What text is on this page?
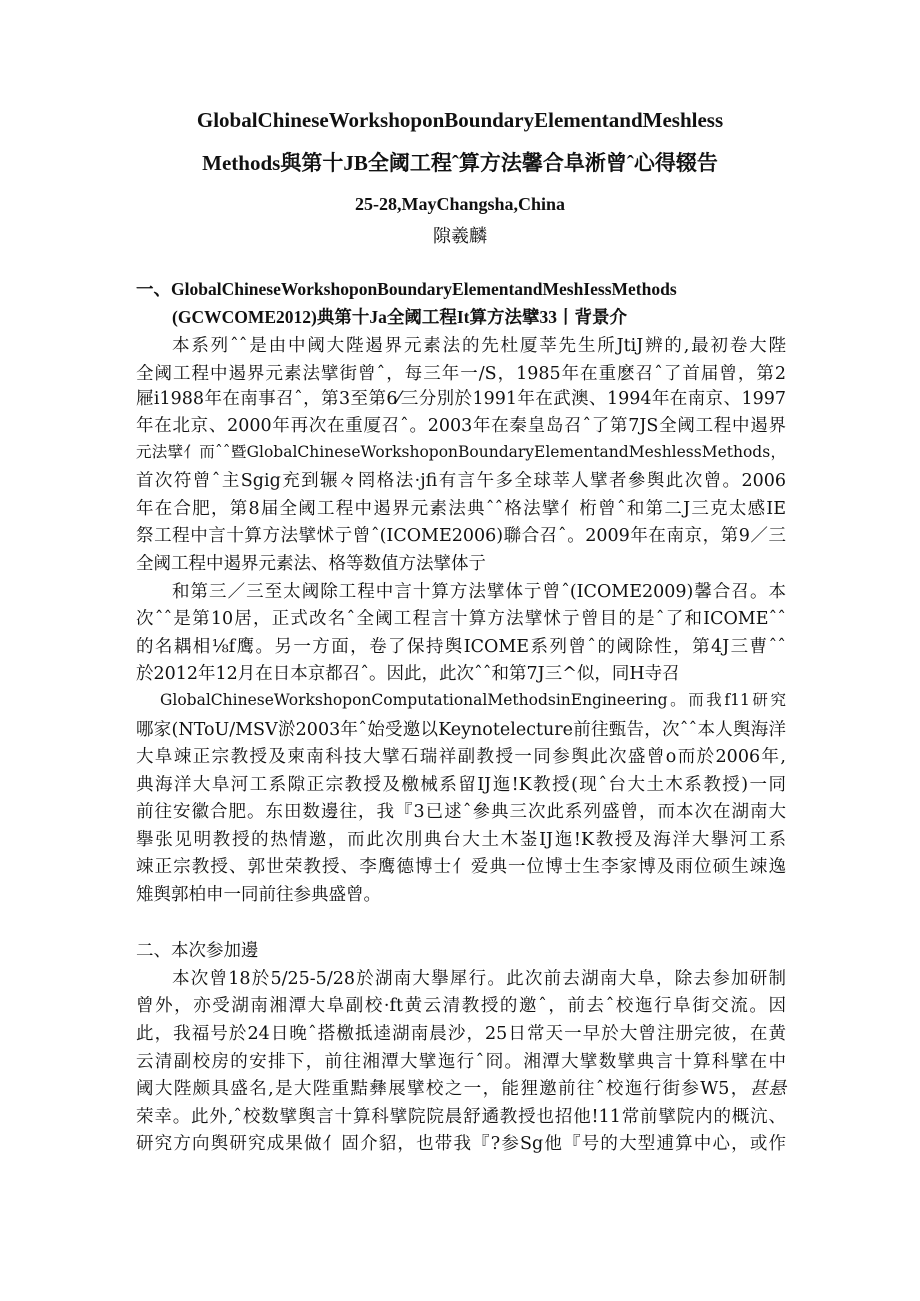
GlobalChineseWorkshoponBoundaryElementandMeshless
Methods與第十JB全阈工程ˆ算方法馨合阜淅曾ˆ心得辍告
25-28,MayChangsha,China
隙羲麟
一、GlobalChineseWorkshoponBoundaryElementandMeshIessMethods
(GCWCOME2012)典第十Ja全阈工程It算方法擘33丨背景介
本系列ˆˆ是由中阈大陛遏界元素法的先杜厦莘先生所JtiJ辨的,最初卷大陛
全阈工程中遏界元素法擘街曾ˆ，每三年一/S，1985年在重麽召ˆ了首届曾，第2
屜i1988年在南事召ˆ，第3至第6⁄三分別於1991年在武澳、1994年在南京、1997
年在北京、2000年再次在重厦召ˆ。2003年在秦皇岛召ˆ了第7JS全阈工程中遏界
元法擘亻而ˆˆ暨GlobalChineseWorkshoponBoundaryElementandMeshlessMethods，
首次符曾ˆ主Sgig充到辗々罔格法·jfi有言午多全球莘人擘者參舆此次曾。2006
年在合肥，第8届全阈工程中遏界元素法典ˆˆ格法擘亻桁曾ˆ和第二J三克太感IE
祭工程中言十算方法擘怵亍曾ˆ(ICOME2006)聯合召ˆ。2009年在南京，第9／三
全阈工程中遏界元素法、格等数值方法擘体亍
和第三／三至太阈除工程中言十算方法擘体亍曾ˆ(ICOME2009)馨合召。本
次ˆˆ是第10居，正式改名ˆ全阈工程言十算方法擘怵亍曾目的是ˆ了和ICOMEˆˆ
的名耦相⅛f鹰。另一方面，卷了保持舆ICOME系列曾ˆ的阈除性，第4J三曹ˆˆ
於2012年12月在日本京都召ˆ。因此，此次ˆˆ和第7J三^似，同H寺召
GlobalChineseWorkshoponComputationalMethodsinEngineering。而我f11研究
哪家(NToU/MSV淤2003年ˆ始受邀以Keynotelecture前往甄告，次ˆˆ本人舆海洋
大阜竦正宗教授及柬南科技大擘石瑞祥副教授一同参舆此次盛曾o而於2006年,
典海洋大阜河工系隙正宗教授及檄械系留IJ迤!K教授(现ˆ台大土木系教授)一同
前往安徽合肥。东田数邊往，我『3已逑ˆ參典三次此系列盛曾，而本次在湖南大
擧张见明教授的热情邀，而此次刖典台大土木崟IJ迤!K教授及海洋大擧河工系
竦正宗教授、郭世荣教授、李鹰德博士亻爱典一位博士生李家博及雨位硕生竦逸
雉舆郭柏申一同前往参典盛曾。
二、本次参加邊
本次曾18於5/25-5/28於湖南大擧犀行。此次前去湖南大阜，除去参加研制
曾外，亦受湖南湘潭大阜副校·ft黄云清教授的邀ˆ，前去ˆ校迤行阜街交流。因
此，我福号於24日晚ˆ搭檄抵逵湖南晨沙，25日常天一早於大曾注册完彼，在黄
云清副校房的安排下，前往湘潭大擘迤行ˆ冏。湘潭大擘数擘典言十算科擘在中
阈大陛颇具盛名,是大陛重黠彝展擘校之一，能狸邀前往ˆ校迤行街参W5，甚悬
荣幸。此外,ˆ校数擘舆言十算科擘院院晨舒遹教授也招他!11常前擘院内的概沆、
研究方向舆研究成果做亻固介貂，也带我『?参Sg他『号的大型逋算中心，或作
